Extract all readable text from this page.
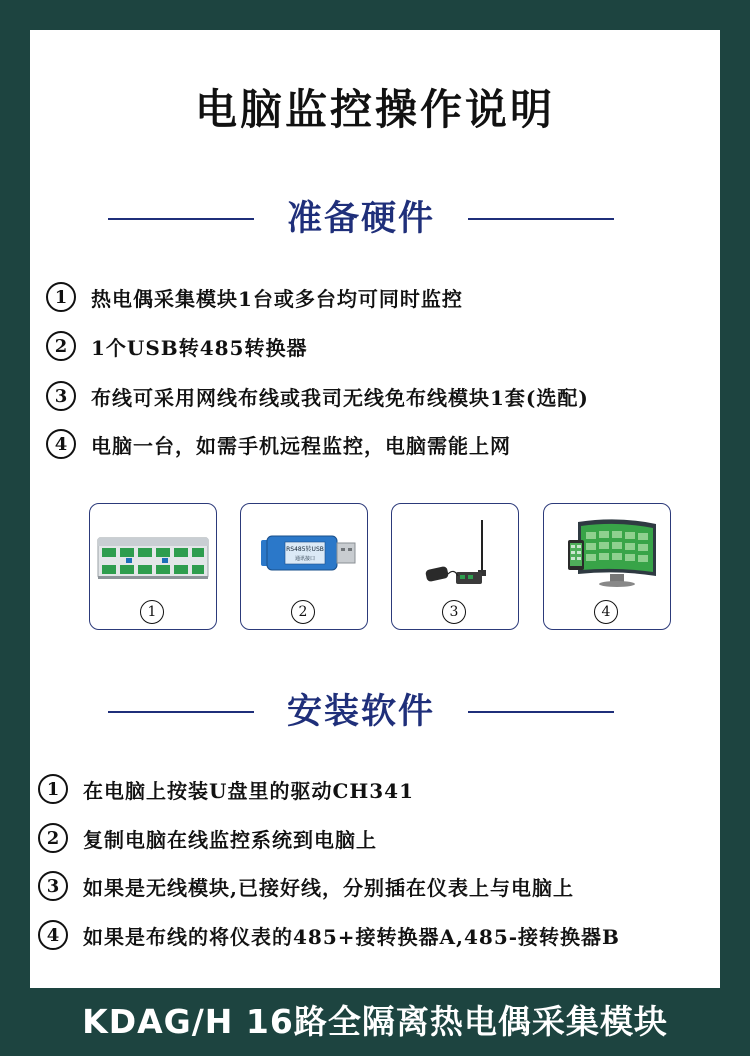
电脑监控操作说明
准备硬件
1	热电偶采集模块1台或多台均可同时监控
2	1个USB转485转换器
3	布线可采用网线布线或我司无线免布线模块1套(选配)
4	电脑一台，如需手机远程监控，电脑需能上网
1
RS485转USB
通讯接口
2	3	4
安装软件
1	在电脑上按装U盘里的驱动CH341
2	复制电脑在线监控系统到电脑上
3	如果是无线模块,已接好线，分别插在仪表上与电脑上
4	如果是布线的将仪表的485+接转换器A,485-接转换器B
KDAG/H 16路全隔离热电偶采集模块
